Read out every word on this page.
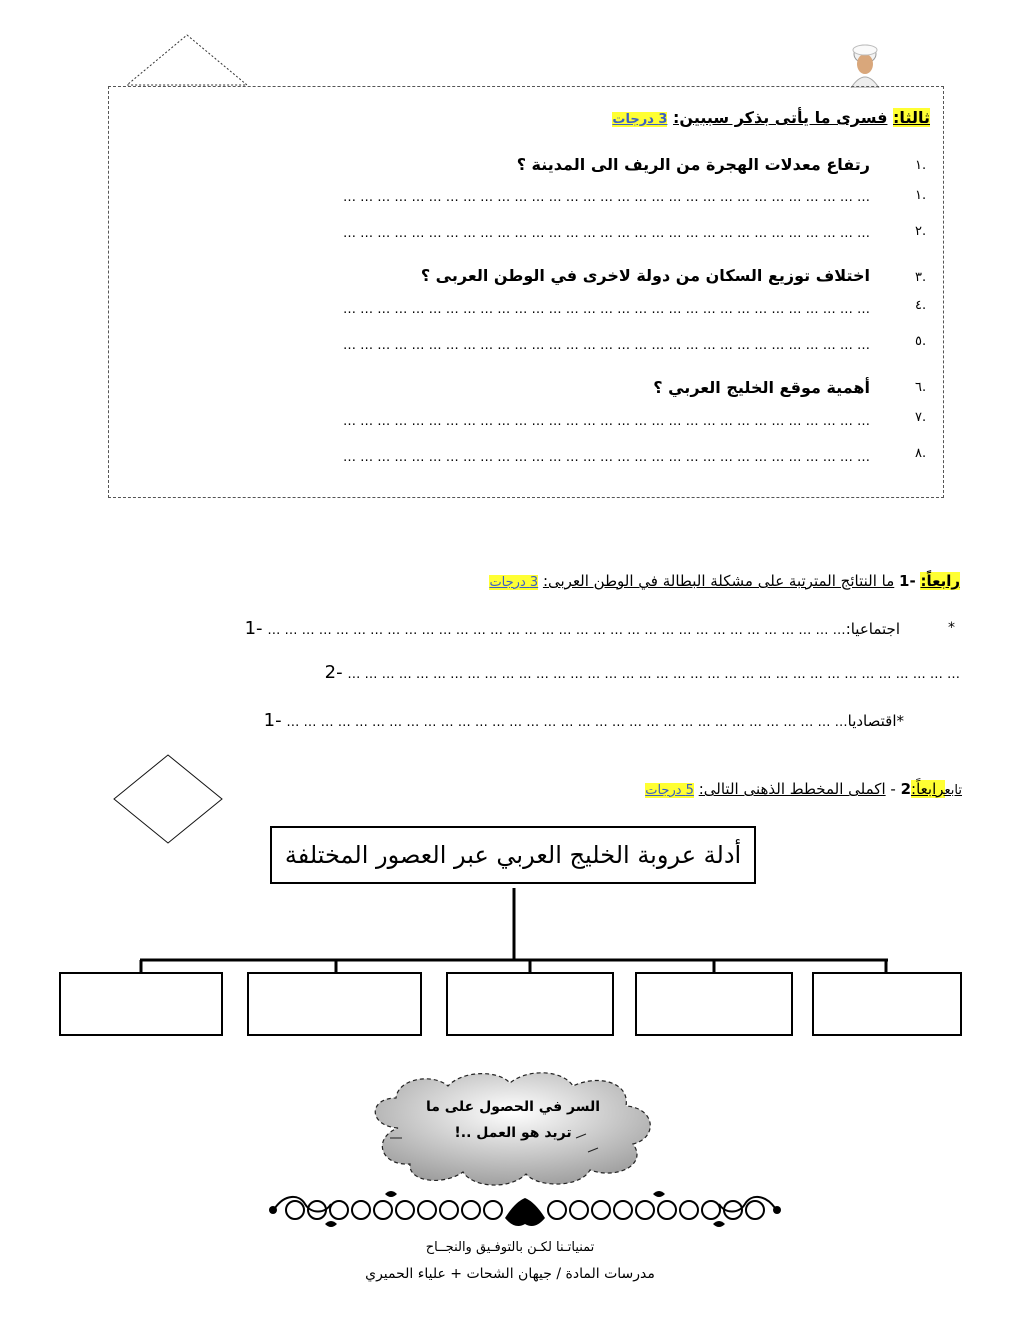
ثالثا: فسرى ما يأتى بذكر سببين: 3 درجات
١.
رتفاع معدلات الهجرة من الريف الى المدينة ؟
١.
… … … … … … … … … … … … … … … … … … … … … … … … … … … … … … …
٢.
… … … … … … … … … … … … … … … … … … … … … … … … … … … … … … …
٣.
اختلاف توزيع السكان من دولة لاخرى في الوطن العربى ؟
٤.
… … … … … … … … … … … … … … … … … … … … … … … … … … … … … … …
٥.
… … … … … … … … … … … … … … … … … … … … … … … … … … … … … … …
٦.
أهمية موقع الخليج العربي ؟
٧.
… … … … … … … … … … … … … … … … … … … … … … … … … … … … … … …
٨.
… … … … … … … … … … … … … … … … … … … … … … … … … … … … … … …
رابعاً: -1 ما النتائج المترتبة على مشكلة البطالة في الوطن العربى: 3 درجات
*
اجتماعيا:… … … … … … … … … … … … … … … … … … … … … … … … … … … … … … … … … … -1
… … … … … … … … … … … … … … … … … … … … … … … … … … … … … … … … … … … … -2
*اقتصاديا… … … … … … … … … … … … … … … … … … … … … … … … … … … … … … … … … -1
تابعرابعاً:2 - اكملى المخطط الذهنى التالى: 5 درجات
أدلة عروبة الخليج العربي عبر العصور المختلفة
السر في الحصول على ما
تريد هو العمل ..!
تمنياتـنا لكـن بالتوفـيق والنجــاح
مدرسات المادة / جيهان الشحات + علياء الحميري
